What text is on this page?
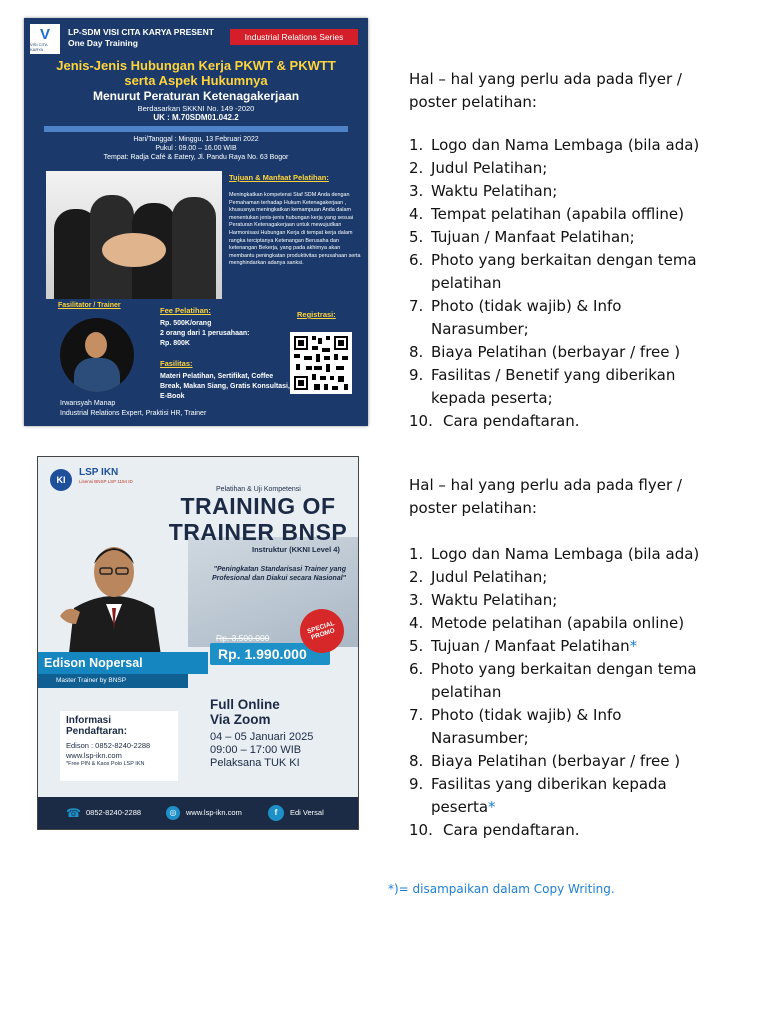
V
VISI CITA KARYA
LP-SDM VISI CITA KARYA PRESENT
One Day Training
Industrial Relations Series
Jenis-Jenis Hubungan Kerja PKWT & PKWTT
serta Aspek Hukumnya
Menurut Peraturan Ketenagakerjaan
Berdasarkan SKKNI No. 149 -2020
UK : M.70SDM01.042.2
Hari/Tanggal : Minggu, 13 Februari 2022
Pukul : 09.00 – 16.00 WIB
Tempat: Radja Café & Eatery, Jl. Pandu Raya No. 63 Bogor
Tujuan & Manfaat Pelatihan:
Meningkatkan kompetensi Staf SDM Anda dengan Pemahaman terhadap Hukum Ketenagakerjaan , khususnya meningkatkan kemampuan Anda dalam menentukan jenis-jenis hubungan kerja yang sesuai Peraturan Ketenagakerjaan untuk mewujudkan Harmonisasi Hubungan Kerja di tempat kerja dalam rangka terciptanya Ketenangan Berusaha dan ketenangan Bekerja, yang pada akhirnya akan membantu peningkatan produktivitas perusahaan serta menghindarkan adanya sanksi.
Fasilitator / Trainer
Irwansyah Manap
Industrial Relations Expert, Praktisi HR, Trainer
Fee Pelatihan:
Rp. 500K/orang
2 orang dari 1 perusahaan:
Rp. 800K
Registrasi:
Fasilitas:
Materi Pelatihan, Sertifikat, Coffee Break, Makan Siang, Gratis Konsultasi, E-Book
Hal – hal yang perlu ada pada flyer / poster pelatihan:
1. Logo dan Nama Lembaga (bila ada)
2. Judul Pelatihan;
3. Waktu Pelatihan;
4. Tempat pelatihan (apabila offline)
5. Tujuan / Manfaat Pelatihan;
6. Photo yang berkaitan dengan tema pelatihan
7. Photo (tidak wajib) & Info Narasumber;
8. Biaya Pelatihan (berbayar / free )
9. Fasilitas / Benetif yang diberikan kepada peserta;
10. Cara pendaftaran.
KI
LSP IKN
Lisensi BNSP LSP 1194 ID
Pelatihan & Uji Kompetensi
TRAINING OF
TRAINER BNSP
Instruktur (KKNI Level 4)
"Peningkatan Standarisasi Trainer yang Profesional dan Diakui secara Nasional"
Rp. 3.500.000
Rp. 1.990.000
SPECIAL PROMO
Edison Nopersal
Master Trainer by BNSP
Informasi Pendaftaran:
Edison : 0852-8240-2288
www.lsp-ikn.com
*Free PIN & Kaos Polo LSP IKN
Full Online
Via Zoom
04 – 05 Januari 2025
09:00 – 17:00 WIB
Pelaksana TUK KI
☎ 0852-8240-2288	◎	www.lsp-ikn.com	f	Edi Versal
Hal – hal yang perlu ada pada flyer / poster pelatihan:
1. Logo dan Nama Lembaga (bila ada)
2. Judul Pelatihan;
3. Waktu Pelatihan;
4. Metode pelatihan (apabila online)
5. Tujuan / Manfaat Pelatihan*
6. Photo yang berkaitan dengan tema pelatihan
7. Photo (tidak wajib) & Info Narasumber;
8. Biaya Pelatihan (berbayar / free )
9. Fasilitas yang diberikan kepada peserta*
10. Cara pendaftaran.
*)= disampaikan dalam Copy Writing.
